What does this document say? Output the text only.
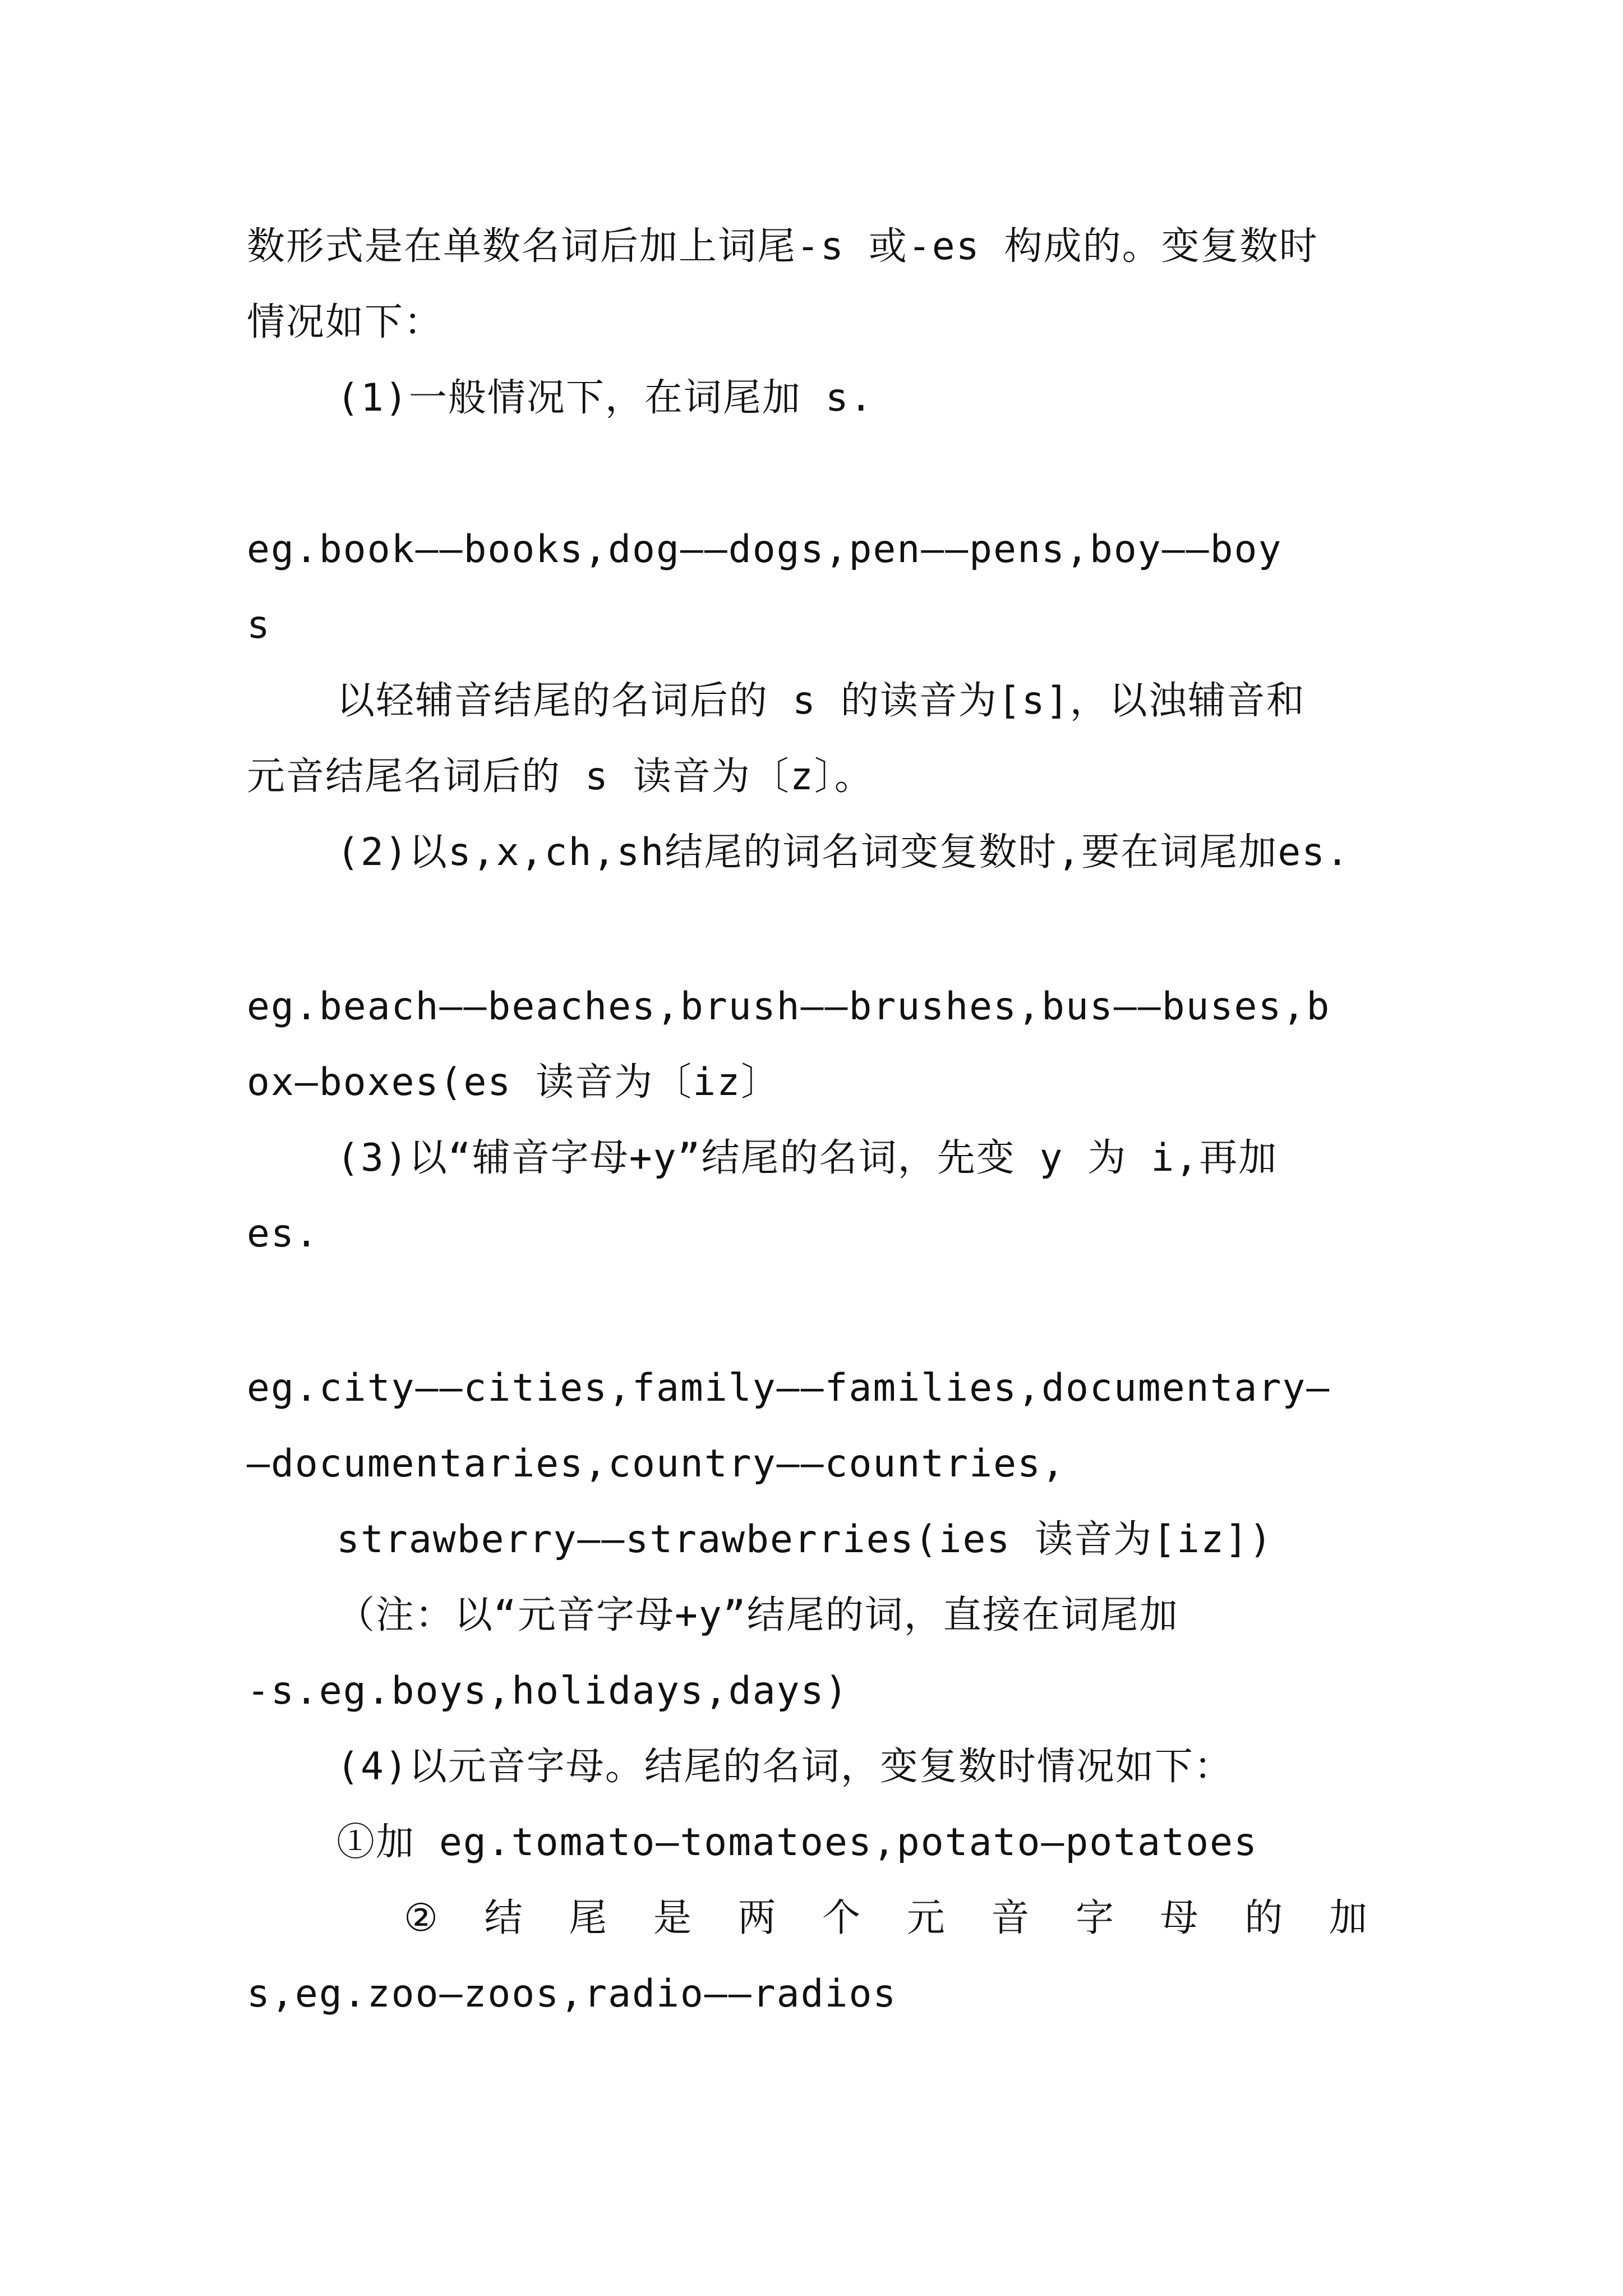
数形式是在单数名词后加上词尾-s 或-es 构成的。变复数时
情况如下：
(1)一般情况下，在词尾加 s.
eg.book——books,dog——dogs,pen——pens,boy——boy
s
以轻辅音结尾的名词后的 s 的读音为[s]，以浊辅音和
元音结尾名词后的 s 读音为〔z〕。
(2)以s,x,ch,sh结尾的词名词变复数时,要在词尾加es.
eg.beach——beaches,brush——brushes,bus——buses,b
ox—boxes(es 读音为〔iz〕
(3)以“辅音字母+y”结尾的名词，先变 y 为 i,再加
es.
eg.city——cities,family——families,documentary—
—documentaries,country——countries,
strawberry——strawberries(ies 读音为[iz])
（注：以“元音字母+y”结尾的词，直接在词尾加
-s.eg.boys,holidays,days)
(4)以元音字母。结尾的名词，变复数时情况如下：
①加 eg.tomato—tomatoes,potato—potatoes
② 结 尾 是 两 个 元 音 字 母 的 加
s,eg.zoo—zoos,radio——radios
